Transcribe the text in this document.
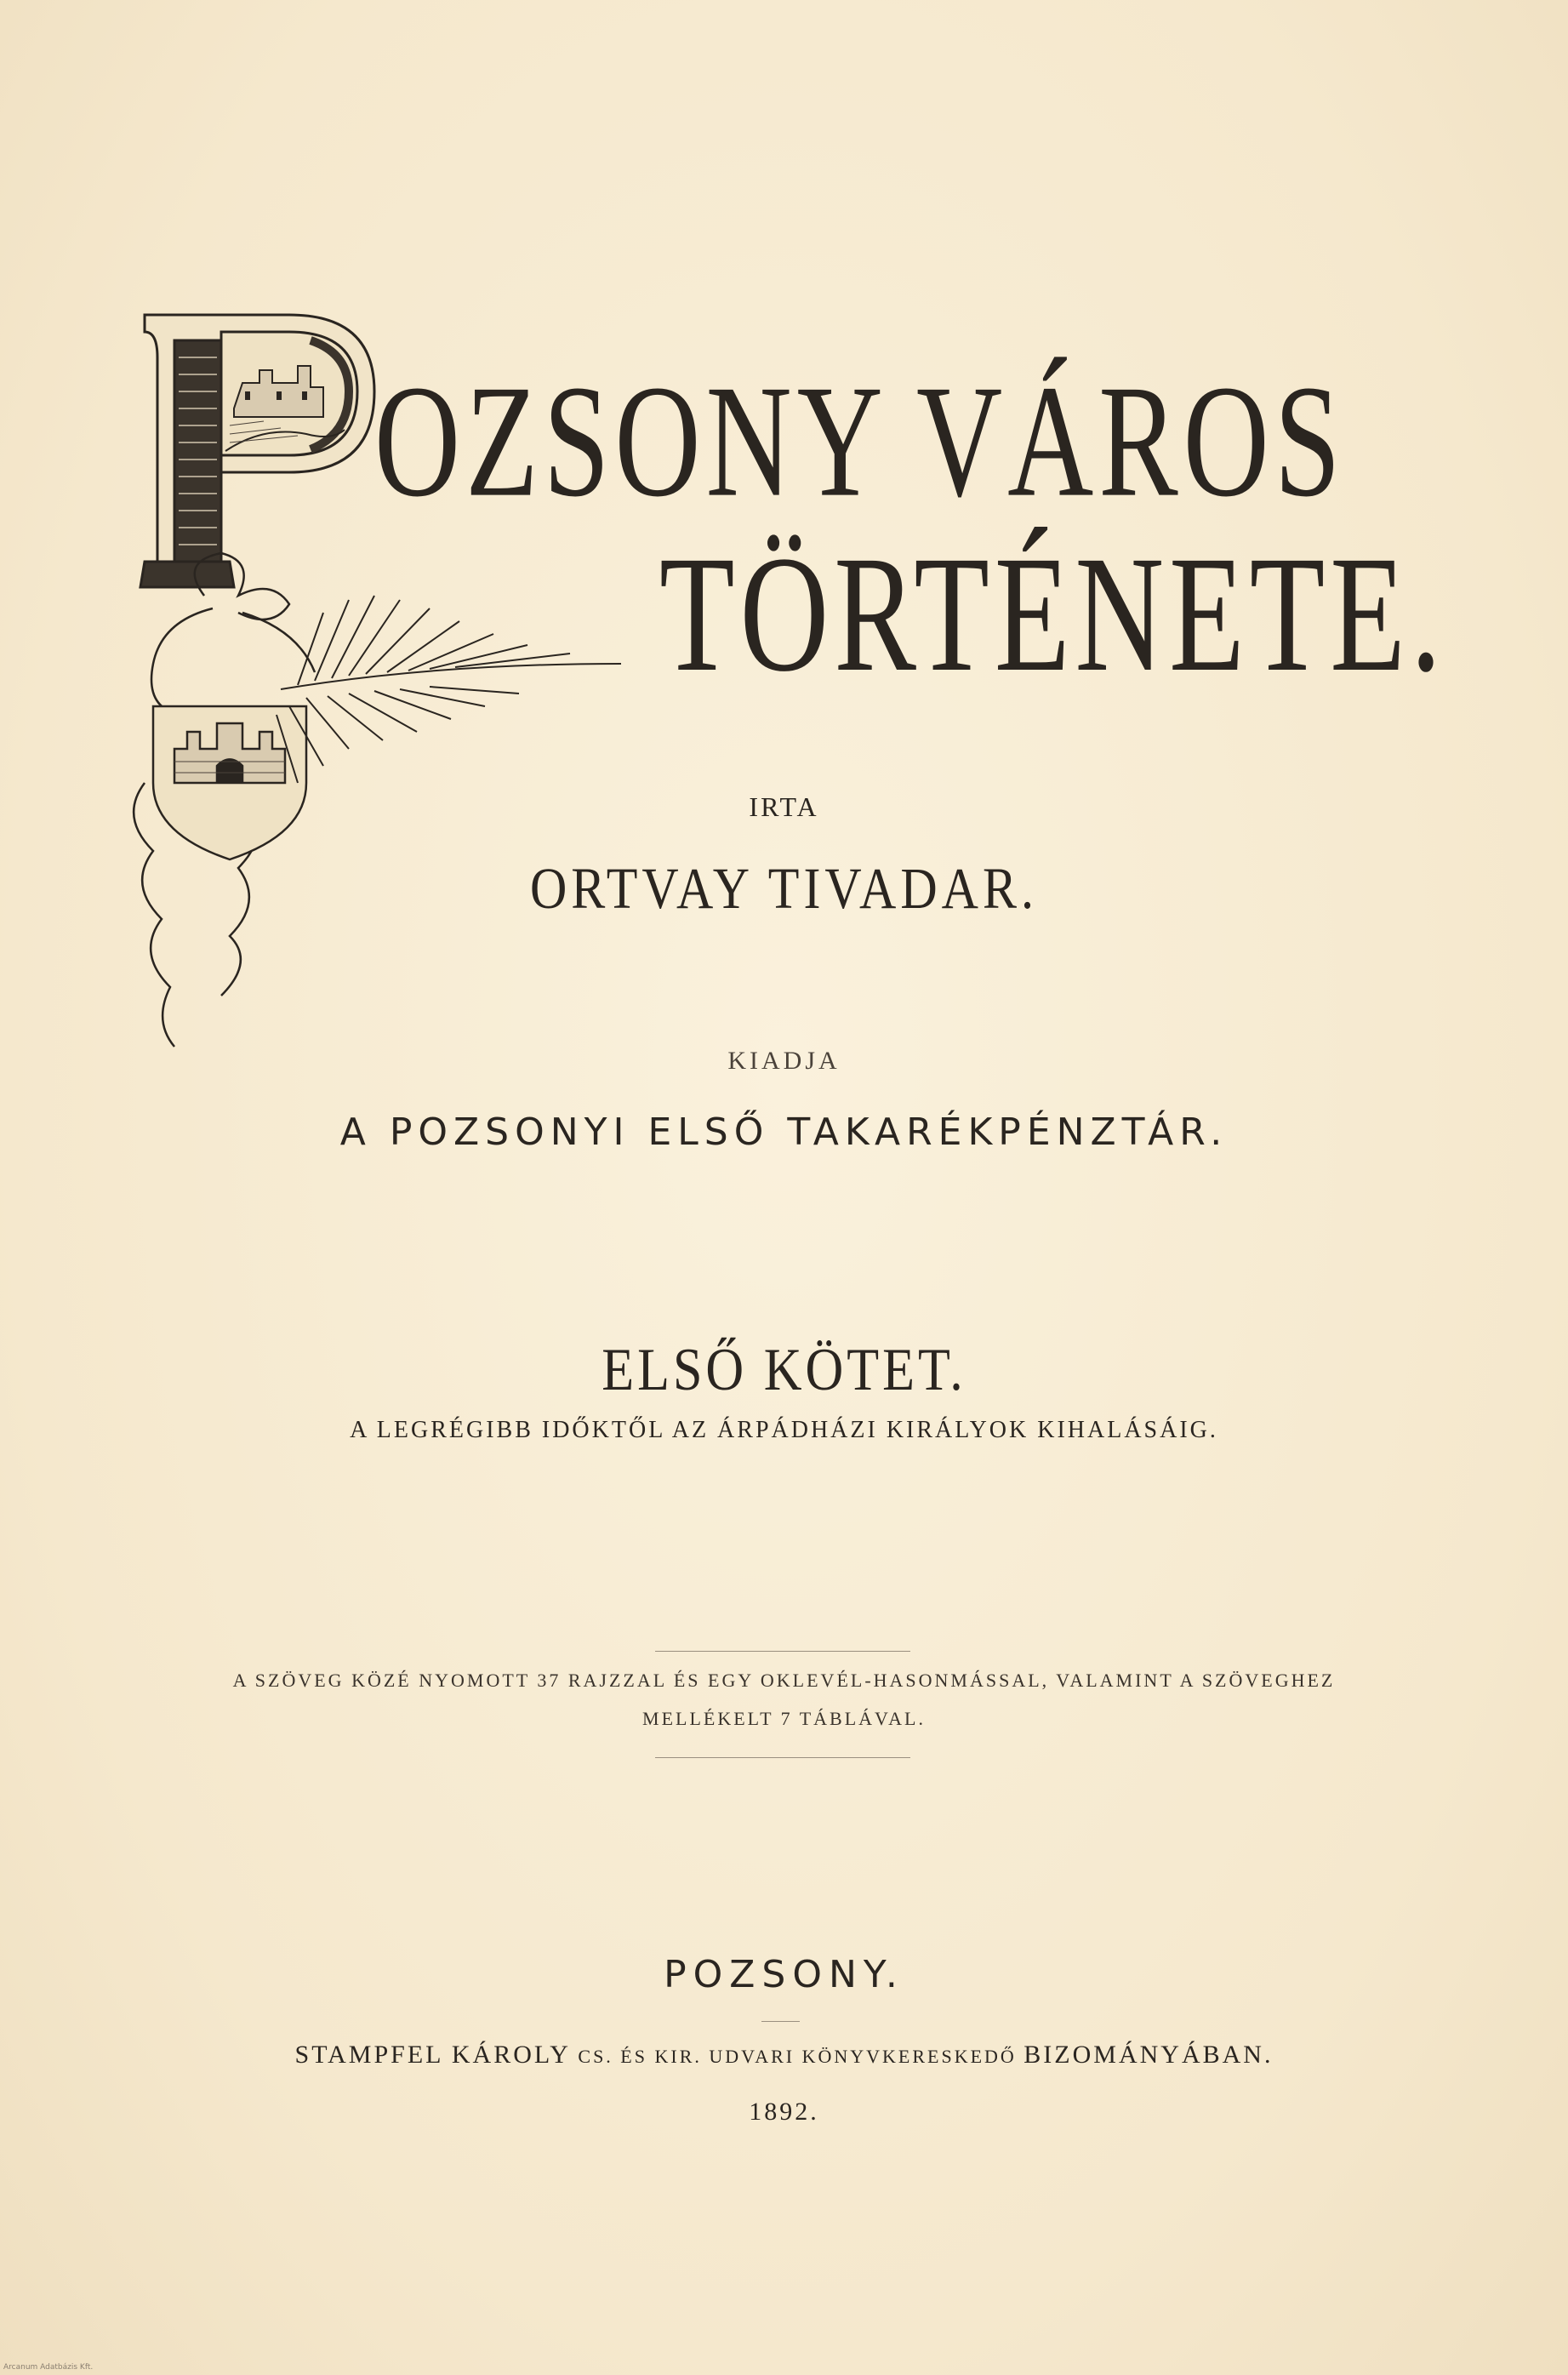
OZSONY VÁROS
TÖRTÉNETE.
IRTA
ORTVAY TIVADAR.
KIADJA
A POZSONYI ELSŐ TAKARÉKPÉNZTÁR.
ELSŐ KÖTET.
A LEGRÉGIBB IDŐKTŐL AZ ÁRPÁDHÁZI KIRÁLYOK KIHALÁSÁIG.
A SZÖVEG KÖZÉ NYOMOTT 37 RAJZZAL ÉS EGY OKLEVÉL-HASONMÁSSAL, VALAMINT A SZÖVEGHEZ
MELLÉKELT 7 TÁBLÁVAL.
POZSONY.
STAMPFEL KÁROLY CS. ÉS KIR. UDVARI KÖNYVKERESKEDŐ BIZOMÁNYÁBAN.
1892.
Arcanum Adatbázis Kft.
